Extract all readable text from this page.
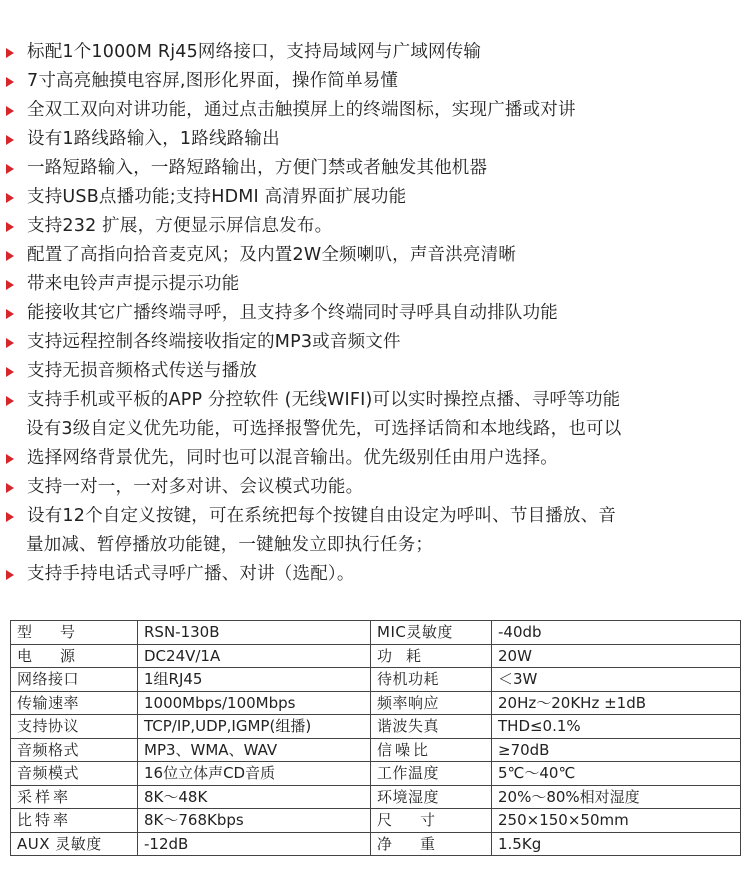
标配1个1000M Rj45网络接口，支持局域网与广域网传输
7寸高亮触摸电容屏,图形化界面，操作简单易懂
全双工双向对讲功能，通过点击触摸屏上的终端图标，实现广播或对讲
设有1路线路输入，1路线路输出
一路短路输入，一路短路输出，方便门禁或者触发其他机器
支持USB点播功能;支持HDMI 高清界面扩展功能
支持232 扩展，方便显示屏信息发布。
配置了高指向拾音麦克风；及内置2W全频喇叭，声音洪亮清晰
带来电铃声声提示提示功能
能接收其它广播终端寻呼，且支持多个终端同时寻呼具自动排队功能
支持远程控制各终端接收指定的MP3或音频文件
支持无损音频格式传送与播放
支持手机或平板的APP 分控软件 (无线WIFI)可以实时操控点播、寻呼等功能
设有3级自定义优先功能，可选择报警优先，可选择话筒和本地线路，也可以
选择网络背景优先，同时也可以混音输出。优先级别任由用户选择。
支持一对一，一对多对讲、会议模式功能。
设有12个自定义按键，可在系统把每个按键自由设定为呼叫、节目播放、音
量加减、暂停播放功能键，一键触发立即执行任务；
支持手持电话式寻呼广播、对讲（选配）。
型号	RSN-130B	MIC灵敏度	-40db
电源	DC24V/1A	功耗	20W
网络接口	1组RJ45	待机功耗	＜3W
传输速率	1000Mbps/100Mbps	频率响应	20Hz～20KHz ±1dB
支持协议	TCP/IP,UDP,IGMP(组播)	谐波失真	THD≤0.1%
音频格式	MP3、WMA、WAV	信噪比	≥70dB
音频模式	16位立体声CD音质	工作温度	5℃～40℃
采样率	8K～48K	环境湿度	20%～80%相对湿度
比特率	8K～768Kbps	尺寸	250×150×50mm
AUX 灵敏度	-12dB	净重	1.5Kg
